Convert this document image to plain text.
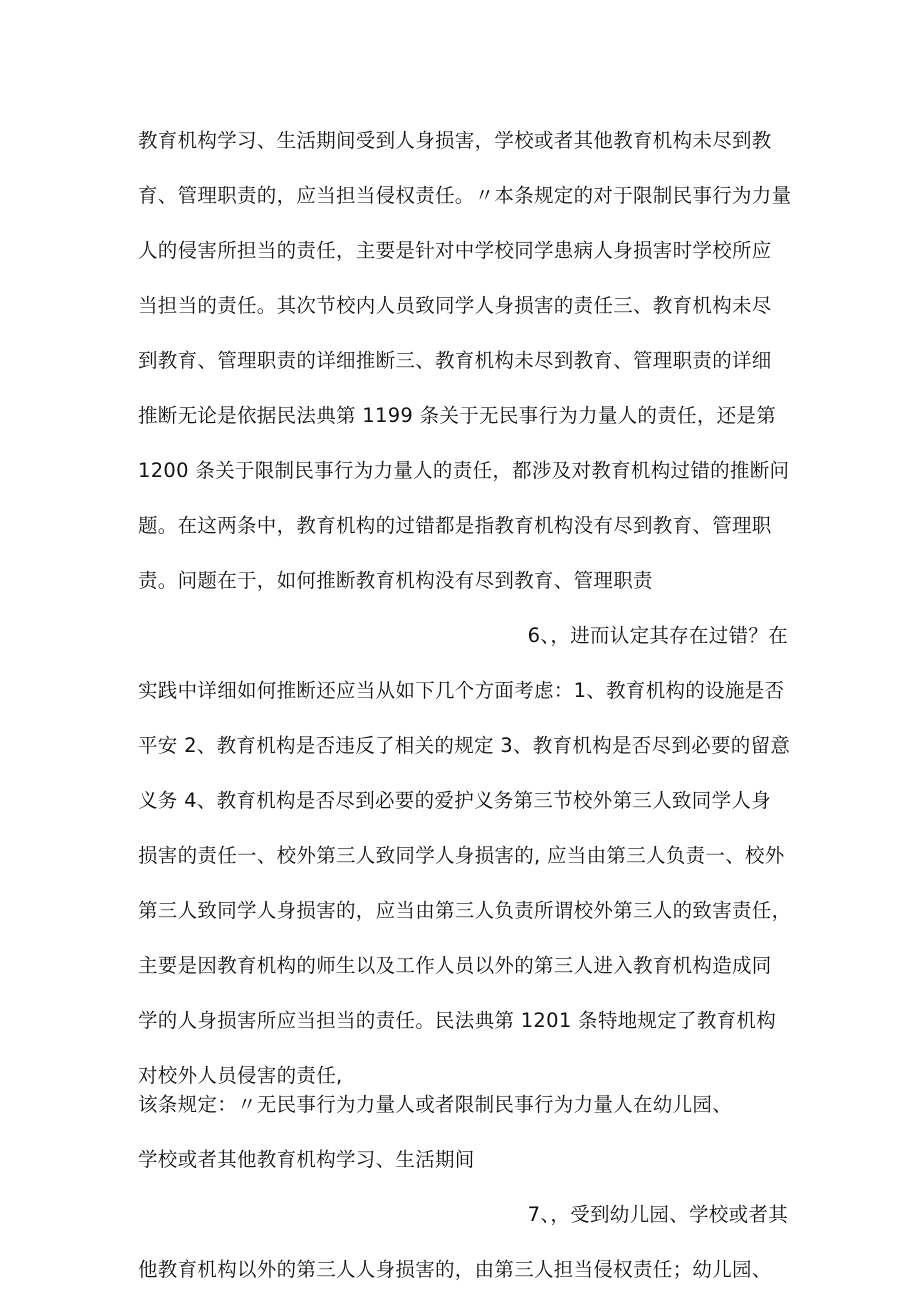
教育机构学习、生活期间受到人身损害，学校或者其他教育机构未尽到教
育、管理职责的，应当担当侵权责任。〃本条规定的对于限制民事行为力量
人的侵害所担当的责任，主要是针对中学校同学患病人身损害时学校所应
当担当的责任。其次节校内人员致同学人身损害的责任三、教育机构未尽
到教育、管理职责的详细推断三、教育机构未尽到教育、管理职责的详细
推断无论是依据民法典第 1199 条关于无民事行为力量人的责任，还是第
1200 条关于限制民事行为力量人的责任，都涉及对教育机构过错的推断问
题。在这两条中，教育机构的过错都是指教育机构没有尽到教育、管理职
责。问题在于，如何推断教育机构没有尽到教育、管理职责
6、，进而认定其存在过错？在
实践中详细如何推断还应当从如下几个方面考虑：1、教育机构的设施是否
平安 2、教育机构是否违反了相关的规定 3、教育机构是否尽到必要的留意
义务 4、教育机构是否尽到必要的爱护义务第三节校外第三人致同学人身
损害的责任一、校外第三人致同学人身损害的, 应当由第三人负责一、校外
第三人致同学人身损害的，应当由第三人负责所谓校外第三人的致害责任，
主要是因教育机构的师生以及工作人员以外的第三人进入教育机构造成同
学的人身损害所应当担当的责任。民法典第 1201 条特地规定了教育机构
对校外人员侵害的责任,
该条规定：〃无民事行为力量人或者限制民事行为力量人在幼儿园、
学校或者其他教育机构学习、生活期间
7、，受到幼儿园、学校或者其
他教育机构以外的第三人人身损害的，由第三人担当侵权责任；幼儿园、
